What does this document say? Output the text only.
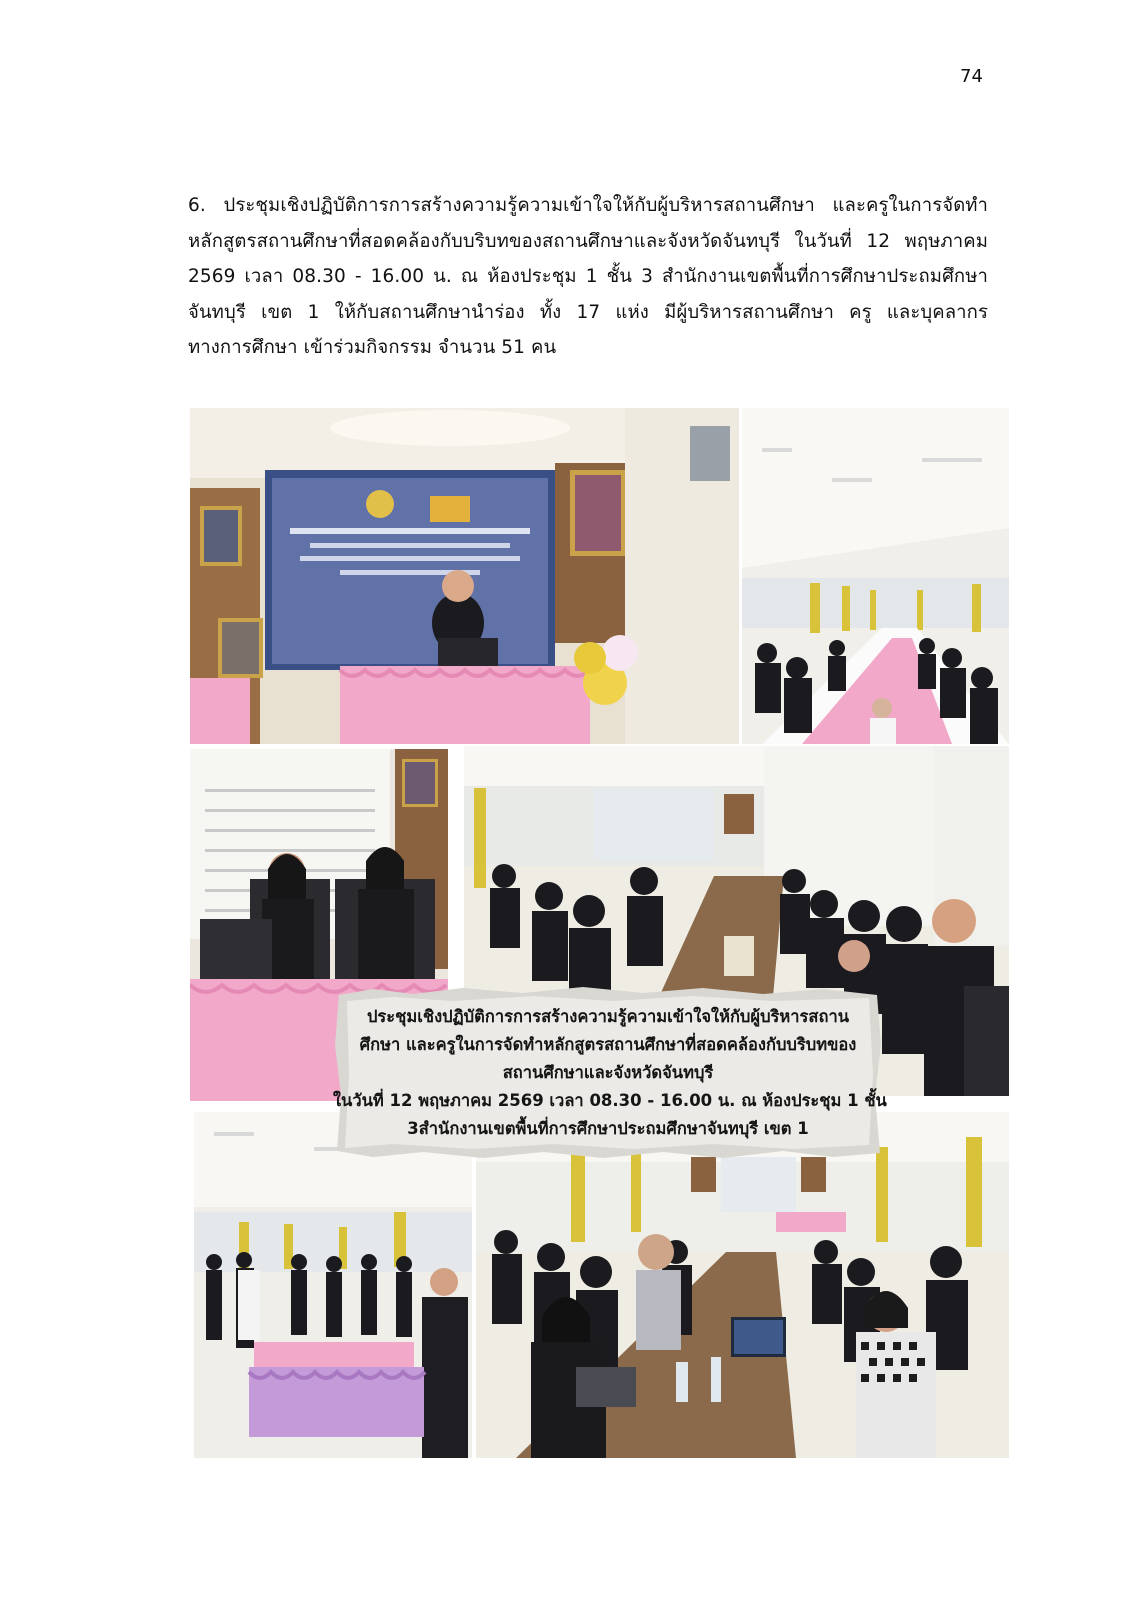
74
6. ประชุมเชิงปฏิบัติการการสร้างความรู้ความเข้าใจให้กับผู้บริหารสถานศึกษา และครูในการจัดทำ
หลักสูตรสถานศึกษาที่สอดคล้องกับบริบทของสถานศึกษาและจังหวัดจันทบุรี ในวันที่ 12 พฤษภาคม
2569 เวลา 08.30 - 16.00 น. ณ ห้องประชุม 1 ชั้น 3 สำนักงานเขตพื้นที่การศึกษาประถมศึกษา
จันทบุรี เขต 1 ให้กับสถานศึกษานำร่อง ทั้ง 17 แห่ง มีผู้บริหารสถานศึกษา ครู และบุคลากร
ทางการศึกษา เข้าร่วมกิจกรรม จำนวน 51 คน
ประชุมเชิงปฏิบัติการการสร้างความรู้ความเข้าใจให้กับผู้บริหารสถาน
ศึกษา และครูในการจัดทำหลักสูตรสถานศึกษาที่สอดคล้องกับบริบทของ
สถานศึกษาและจังหวัดจันทบุรี
ในวันที่ 12 พฤษภาคม 2569 เวลา 08.30 - 16.00 น. ณ ห้องประชุม 1 ชั้น
3สำนักงานเขตพื้นที่การศึกษาประถมศึกษาจันทบุรี เขต 1
